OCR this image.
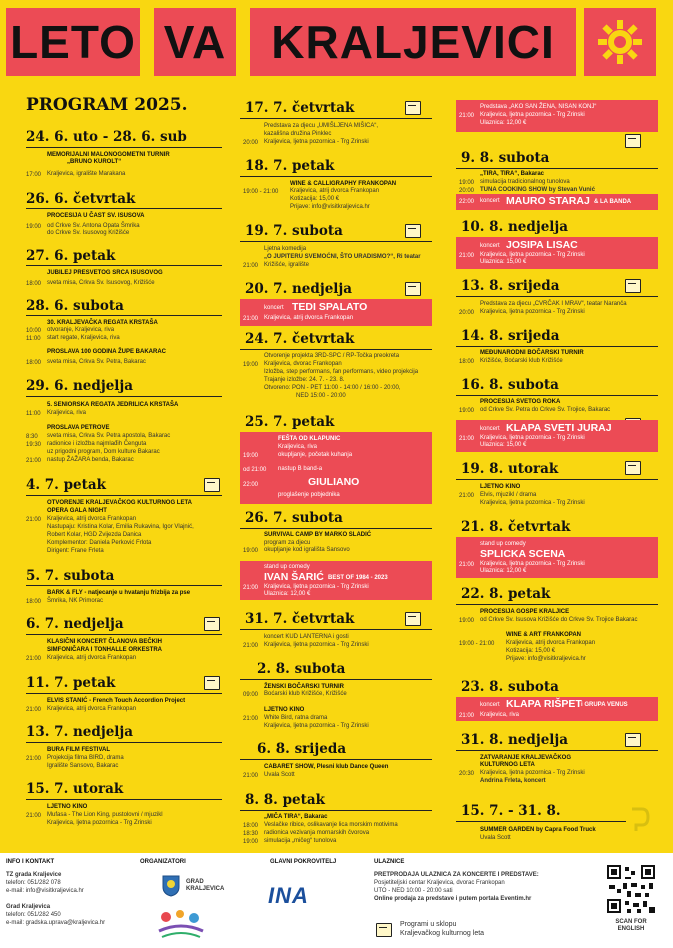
LETO VA KRALJEVICI
PROGRAM 2025.
24. 6. uto - 28. 6. sub
MEMORIJALNI MALONOGOMETNI TURNIR
„BRUNO KUROLT“
17:00 Kraljevica, igralište Marakana
26. 6. četvrtak
PROCESIJA U ČAST SV. ISUSOVA
19:00 od Crkve Sv. Antona Opata Šmrika
do Crkve Sv. Isusovog Križišće
27. 6. petak
JUBILEJ PRESVETOG SRCA ISUSOVOG
18:00 sveta misa, Crkva Sv. Isusovog, Križišće
28. 6. subota
30. KRALJEVAČKA REGATA KRSTAŠA
10:00 otvoranje, Kraljevica, riva
11:00 start regate, Kraljevica, riva
PROSLAVA 100 GODINA ŽUPE BAKARAC
18:00 sveta misa, Crkva Sv. Petra, Bakarac
29. 6. nedjelja
5. SENIORSKA REGATA JEDRILICA KRSTAŠA
11:00 Kraljevica, riva
PROSLAVA PETROVE
8:30 sveta misa, Crkva Sv. Petra apostola, Bakarac
19:30 radionice i izložba najmlađih Čenguta
uz prigodni program, Dom kulture Bakarac
21:00 nastup ŽAŽARA benda, Bakarac
4. 7. petak
OTVORENJE KRALJEVAČKOG KULTURNOG LETA
OPERA GALA NIGHT
21:00 Kraljevica, atrij dvorca Frankopan
Nastupaju: Kristina Kolar, Emilia Rukavina, Igor Vlajnić,
Robert Kolar, HGD Zvijezda Danica
Komplementor: Daniela Perković Frlota
Dirigent: Frane Frleta
5. 7. subota
BARK & FLY - natjecanje u hvatanju frizbija za pse
18:00 Šmrika, NK Primorac
6. 7. nedjelja
KLASIČNI KONCERT ČLANOVA BEČKIH
SIMFONIČARA I TONHALLE ORKESTRA
21:00 Kraljevica, atrij dvorca Frankopan
11. 7. petak
ELVIS STANIĆ - French Touch Accordion Project
21:00 Kraljevica, atrij dvorca Frankopan
13. 7. nedjelja
BURA FILM FESTIVAL
21:00 Projekcija filma BIRD, drama
Igralište Sansovo, Bakarac
15. 7. utorak
LJETNO KINO
21:00 Mufasa - The Lion King, pustolovni / mjuzikl
Kraljevica, ljetna pozornica - Trg Zrinski
17. 7. četvrtak
Predstava za djecu „UMIŠLJENA MIŠICA“,
kazališna družina Pinklec
20:00 Kraljevica, ljetna pozornica - Trg Zrinski
18. 7. petak
WINE & CALLIGRAPHY FRANKOPAN
19:00 - 21:00 Kraljevica, atrij dvorca Frankopan
Kotizacija: 15,00 €
Prijave: info@visitkraljevica.hr
19. 7. subota
Ljetna komedija
„O JUPITERU SVEMOĆNI, ŠTO URADISMO?“, Ri teatar
21:00 Križišće, igralište
20. 7. nedjelja
koncert TEDI SPALATO
21:00 Kraljevica, atrij dvorca Frankopan
24. 7. četvrtak
Otvorenje projekta 3RD-SPC / RP-Točka preokreta
19:00 Kraljevica, dvorac Frankopan
Izložba, step performans, fan performans, video projekcija
Trajanje izložbe: 24. 7. - 23. 8.
Otvoreno: PON - PET 11:00 - 14:00 / 16:00 - 20:00,
NED 15:00 - 20:00
25. 7. petak
FEŠTA OD KLAPUNIC
Kraljevica, riva
19:00	okupljanje, početak kuhanja
od 21:00 nastup B band-a
22:00	GIULIANO
proglašenje pobjednika
26. 7. subota
SURVIVAL CAMP BY MARKO SLADIĆ
program za djecu
19:00 okupljanje kod igrališta Sansovo
stand up comedy
IVAN ŠARIĆ BEST OF 1984 - 2023
21:00 Kraljevica, ljetna pozornica - Trg Zrinski
Ulaznica: 12,00 €
31. 7. četvrtak
koncert KUD LANTERNA i gosti
21:00 Kraljevica, ljetna pozornica - Trg Zrinski
2. 8. subota
ŽENSKI BOČARSKI TURNIR
09:00 Boćarski klub Križišće, Križišće
LJETNO KINO
21:00 White Bird, ratna drama
Kraljevica, ljetna pozornica - Trg Zrinski
6. 8. srijeda
CABARET SHOW, Plesni klub Dance Queen
21:00 Uvala Scott
8. 8. petak
„MIČA TIRA“, Bakarac
18:00 Veslačke ribice, oslikavanje lica morskim motivima
18:30 radionica vezivanja mornarskih čvorova
19:00 simulacija „mičeg“ tunolova
Predstava „AKO SAN ŽENA, NISAN KONJ“
21:00 Kraljevica, ljetna pozornica - Trg Zrinski
Ulaznica: 12,00 €
9. 8. subota
„TIRA, TIRA“, Bakarac
19:00 simulacija tradicionalnog tunolova
20:00 TUNA COOKING SHOW by Stevan Vunić
22:00 koncert MAURO STARAJ & LA BANDA
10. 8. nedjelja
koncert JOSIPA LISAC
21:00 Kraljevica, ljetna pozornica - Trg Zrinski
Ulaznica: 15,00 €
13. 8. srijeda
Predstava za djecu „CVRČAK I MRAV“, teatar Naranča
20:00 Kraljevica, ljetna pozornica - Trg Zrinski
14. 8. srijeda
MEĐUNARODNI BOČARSKI TURNIR
18:00 Križišće, Boćarski klub Križišće
16. 8. subota
PROCESIJA SVETOG ROKA
19:00 od Crkve Sv. Petra do Crkve Sv. Trojice, Bakarac
koncert KLAPA SVETI JURAJ
21:00 Kraljevica, ljetna pozornica - Trg Zrinski
Ulaznica: 15,00 €
19. 8. utorak
LJETNO KINO
21:00 Elvis, mjuzikl / drama
Kraljevica, ljetna pozornica - Trg Zrinski
21. 8. četvrtak
stand up comedy
SPLICKA SCENA
21:00 Kraljevica, ljetna pozornica - Trg Zrinski
Ulaznica: 12,00 €
22. 8. petak
PROCESIJA GOSPE KRALJICE
19:00 od Crkve Sv. Isusova Križišće do Crkve Sv. Trojice Bakarac
WINE & ART FRANKOPAN
19:00 - 21:00 Kraljevica, atrij dvorca Frankopan
Kotizacija: 15,00 €
Prijave: info@visitkraljevica.hr
23. 8. subota
koncert KLAPA RIŠPET i GRUPA VENUS
21:00 Kraljevica, riva
31. 8. nedjelja
ZATVARANJE KRALJEVAČKOG
KULTURNOG LETA
20:30 Kraljevica, ljetna pozornica - Trg Zrinski
Andrina Frleta, koncert
15. 7. - 31. 8.
SUMMER GARDEN by Capra Food Truck
Uvala Scott
INFO I KONTAKT
TZ grada Kraljevice
telefon: 051/282 078
e-mail: info@visitkraljevica.hr
Grad Kraljevica
telefon: 051/282 450
e-mail: gradska.uprava@kraljevica.hr
ORGANIZATORI
GRAD KRALJEVICA
GLAVNI POKROVITELJ
INA
ULAZNICE
PRETPRODAJA ULAZNICA ZA KONCERTE I PREDSTAVE:
Posjetiteljski centar Kraljevica, dvorac Frankopan
UTO - NED 10:00 - 20:00 sati
Online prodaja za predstave i putem portala Eventim.hr
Programi u sklopu
Kraljevačkog kulturnog leta
SCAN FOR ENGLISH
